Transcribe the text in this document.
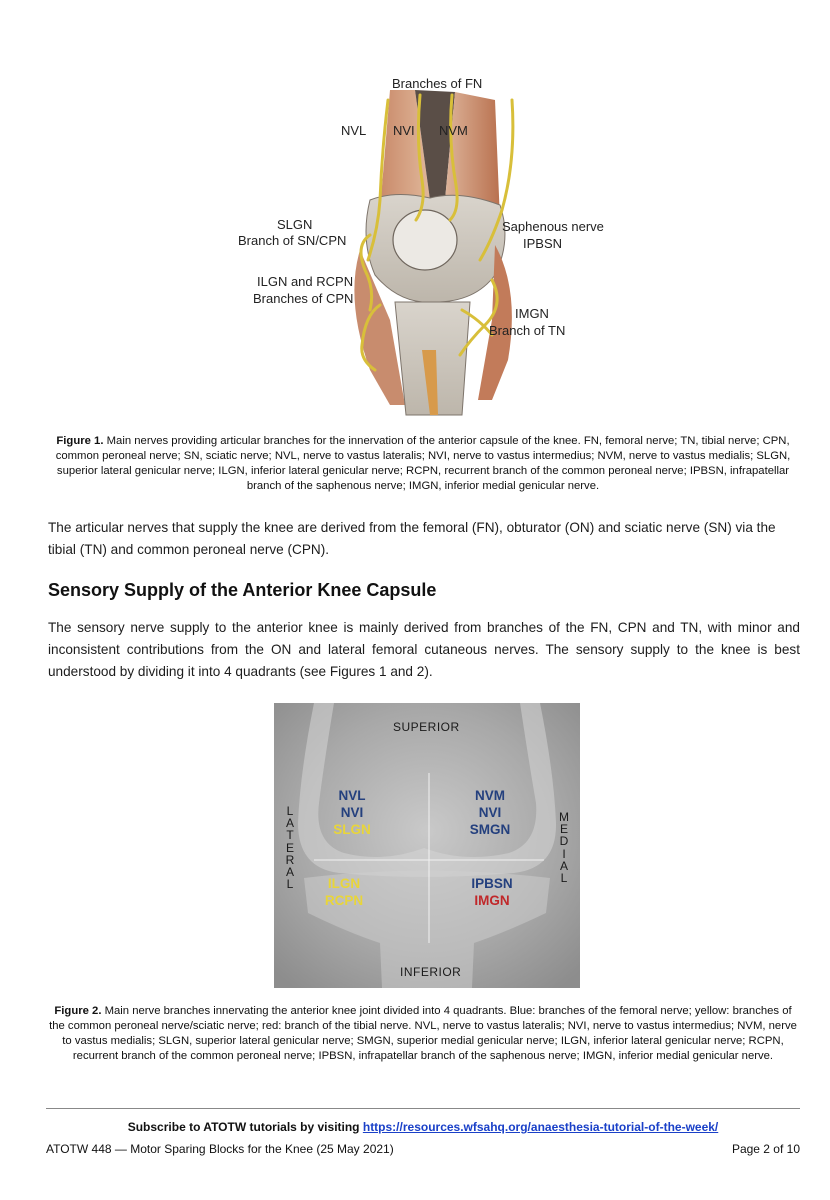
Branches of FN
NVL NVI NVM
SLGN
Branch of SN/CPN
Saphenous nerve
IPBSN
ILGN and RCPN
Branches of CPN
IMGN
Branch of TN
Figure 1. Main nerves providing articular branches for the innervation of the anterior capsule of the knee. FN, femoral nerve; TN, tibial nerve; CPN, common peroneal nerve; SN, sciatic nerve; NVL, nerve to vastus lateralis; NVI, nerve to vastus intermedius; NVM, nerve to vastus medialis; SLGN, superior lateral genicular nerve; ILGN, inferior lateral genicular nerve; RCPN, recurrent branch of the common peroneal nerve; IPBSN, infrapatellar branch of the saphenous nerve; IMGN, inferior medial genicular nerve.
The articular nerves that supply the knee are derived from the femoral (FN), obturator (ON) and sciatic nerve (SN) via the tibial (TN) and common peroneal nerve (CPN).
Sensory Supply of the Anterior Knee Capsule
The sensory nerve supply to the anterior knee is mainly derived from branches of the FN, CPN and TN, with minor and inconsistent contributions from the ON and lateral femoral cutaneous nerves. The sensory supply to the knee is best understood by dividing it into 4 quadrants (see Figures 1 and 2).
SUPERIOR
INFERIOR
L
A
T
E
R
A
L
M
E
D
I
A
L
NVL
NVI
SLGN
NVM
NVI
SMGN
ILGN
RCPN
IPBSN
IMGN
Figure 2. Main nerve branches innervating the anterior knee joint divided into 4 quadrants. Blue: branches of the femoral nerve; yellow: branches of the common peroneal nerve/sciatic nerve; red: branch of the tibial nerve. NVL, nerve to vastus lateralis; NVI, nerve to vastus intermedius; NVM, nerve to vastus medialis; SLGN, superior lateral genicular nerve; SMGN, superior medial genicular nerve; ILGN, inferior lateral genicular nerve; RCPN, recurrent branch of the common peroneal nerve; IPBSN, infrapatellar branch of the saphenous nerve; IMGN, inferior medial genicular nerve.
Subscribe to ATOTW tutorials by visiting https://resources.wfsahq.org/anaesthesia-tutorial-of-the-week/
ATOTW 448 — Motor Sparing Blocks for the Knee (25 May 2021)	Page 2 of 10
